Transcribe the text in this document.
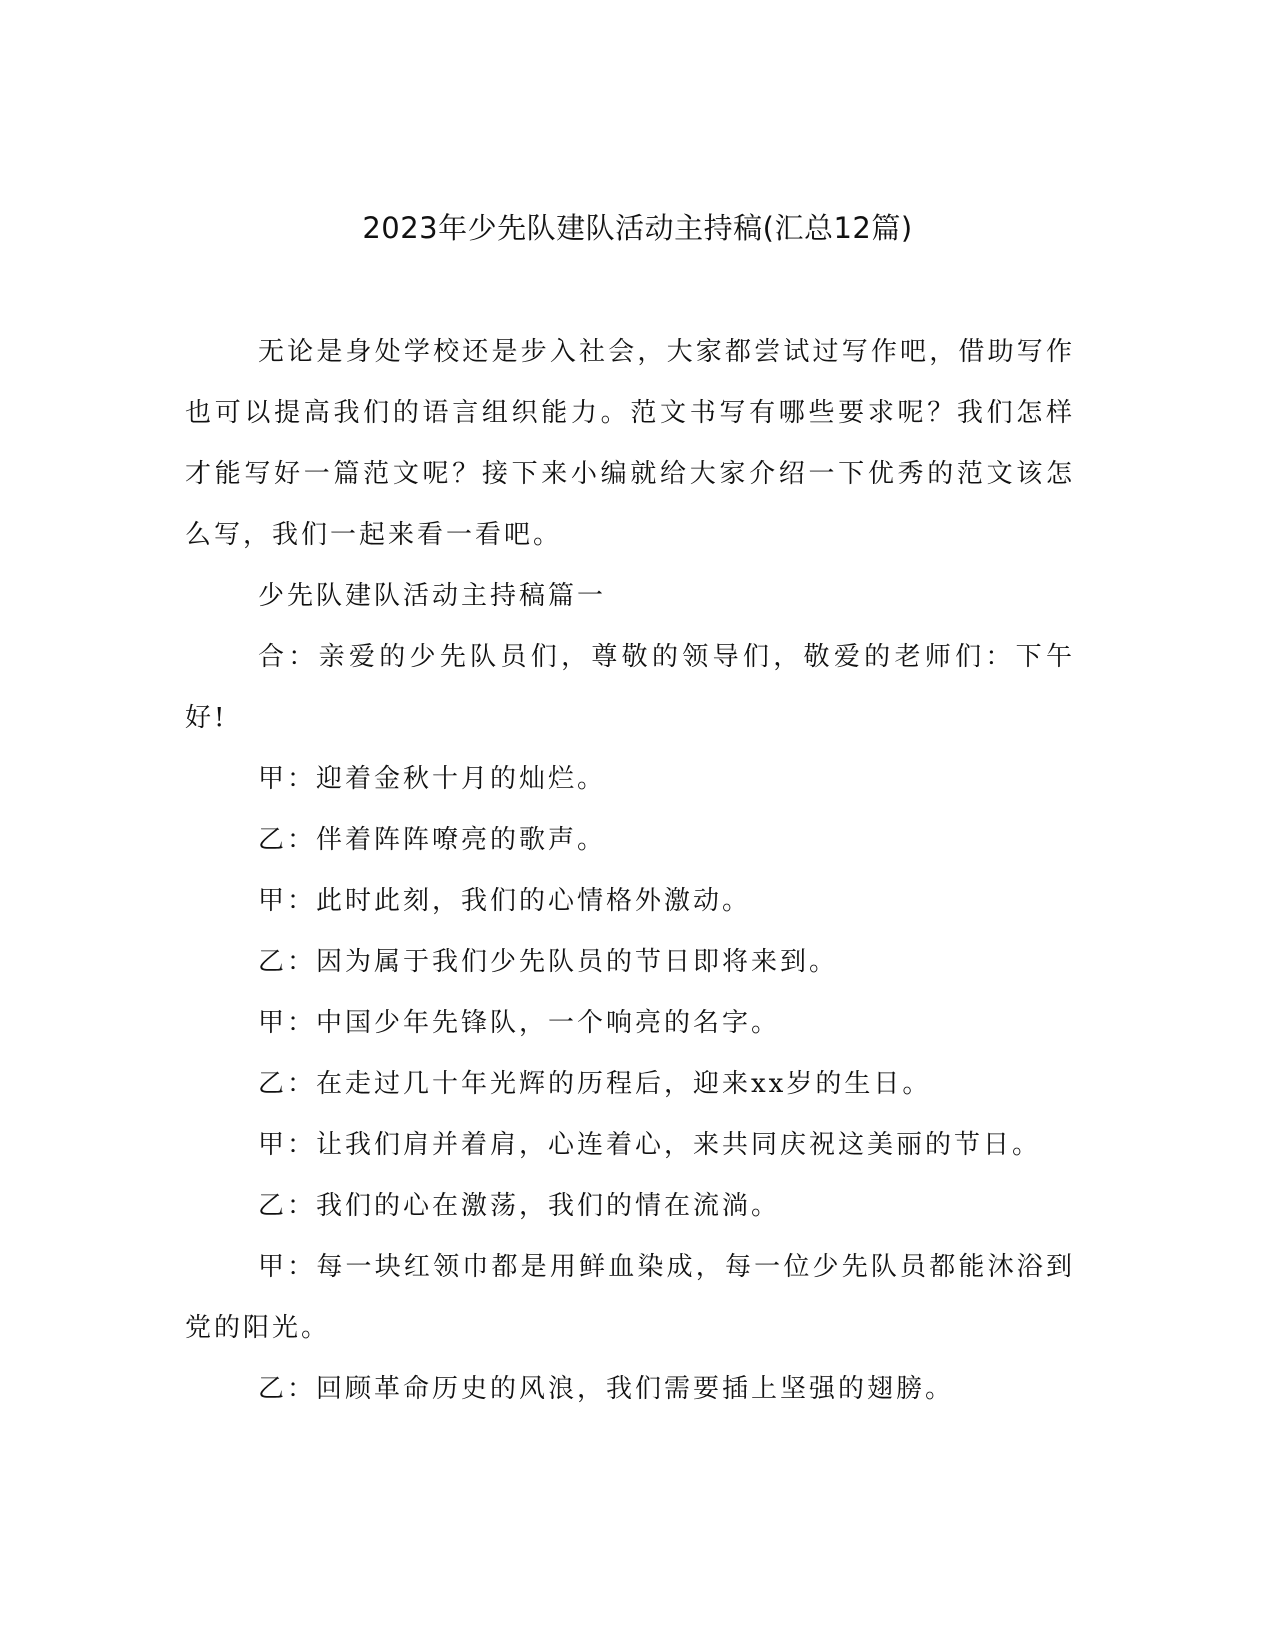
2023年少先队建队活动主持稿(汇总12篇)

无论是身处学校还是步入社会，大家都尝试过写作吧，借助写作也可以提高我们的语言组织能力。范文书写有哪些要求呢？我们怎样才能写好一篇范文呢？接下来小编就给大家介绍一下优秀的范文该怎么写，我们一起来看一看吧。

少先队建队活动主持稿篇一

合：亲爱的少先队员们，尊敬的领导们，敬爱的老师们：下午好!

甲：迎着金秋十月的灿烂。

乙：伴着阵阵嘹亮的歌声。

甲：此时此刻，我们的心情格外激动。

乙：因为属于我们少先队员的节日即将来到。

甲：中国少年先锋队，一个响亮的名字。

乙：在走过几十年光辉的历程后，迎来xx岁的生日。

甲：让我们肩并着肩，心连着心，来共同庆祝这美丽的节日。

乙：我们的心在激荡，我们的情在流淌。

甲：每一块红领巾都是用鲜血染成，每一位少先队员都能沐浴到党的阳光。

乙：回顾革命历史的风浪，我们需要插上坚强的翅膀。
